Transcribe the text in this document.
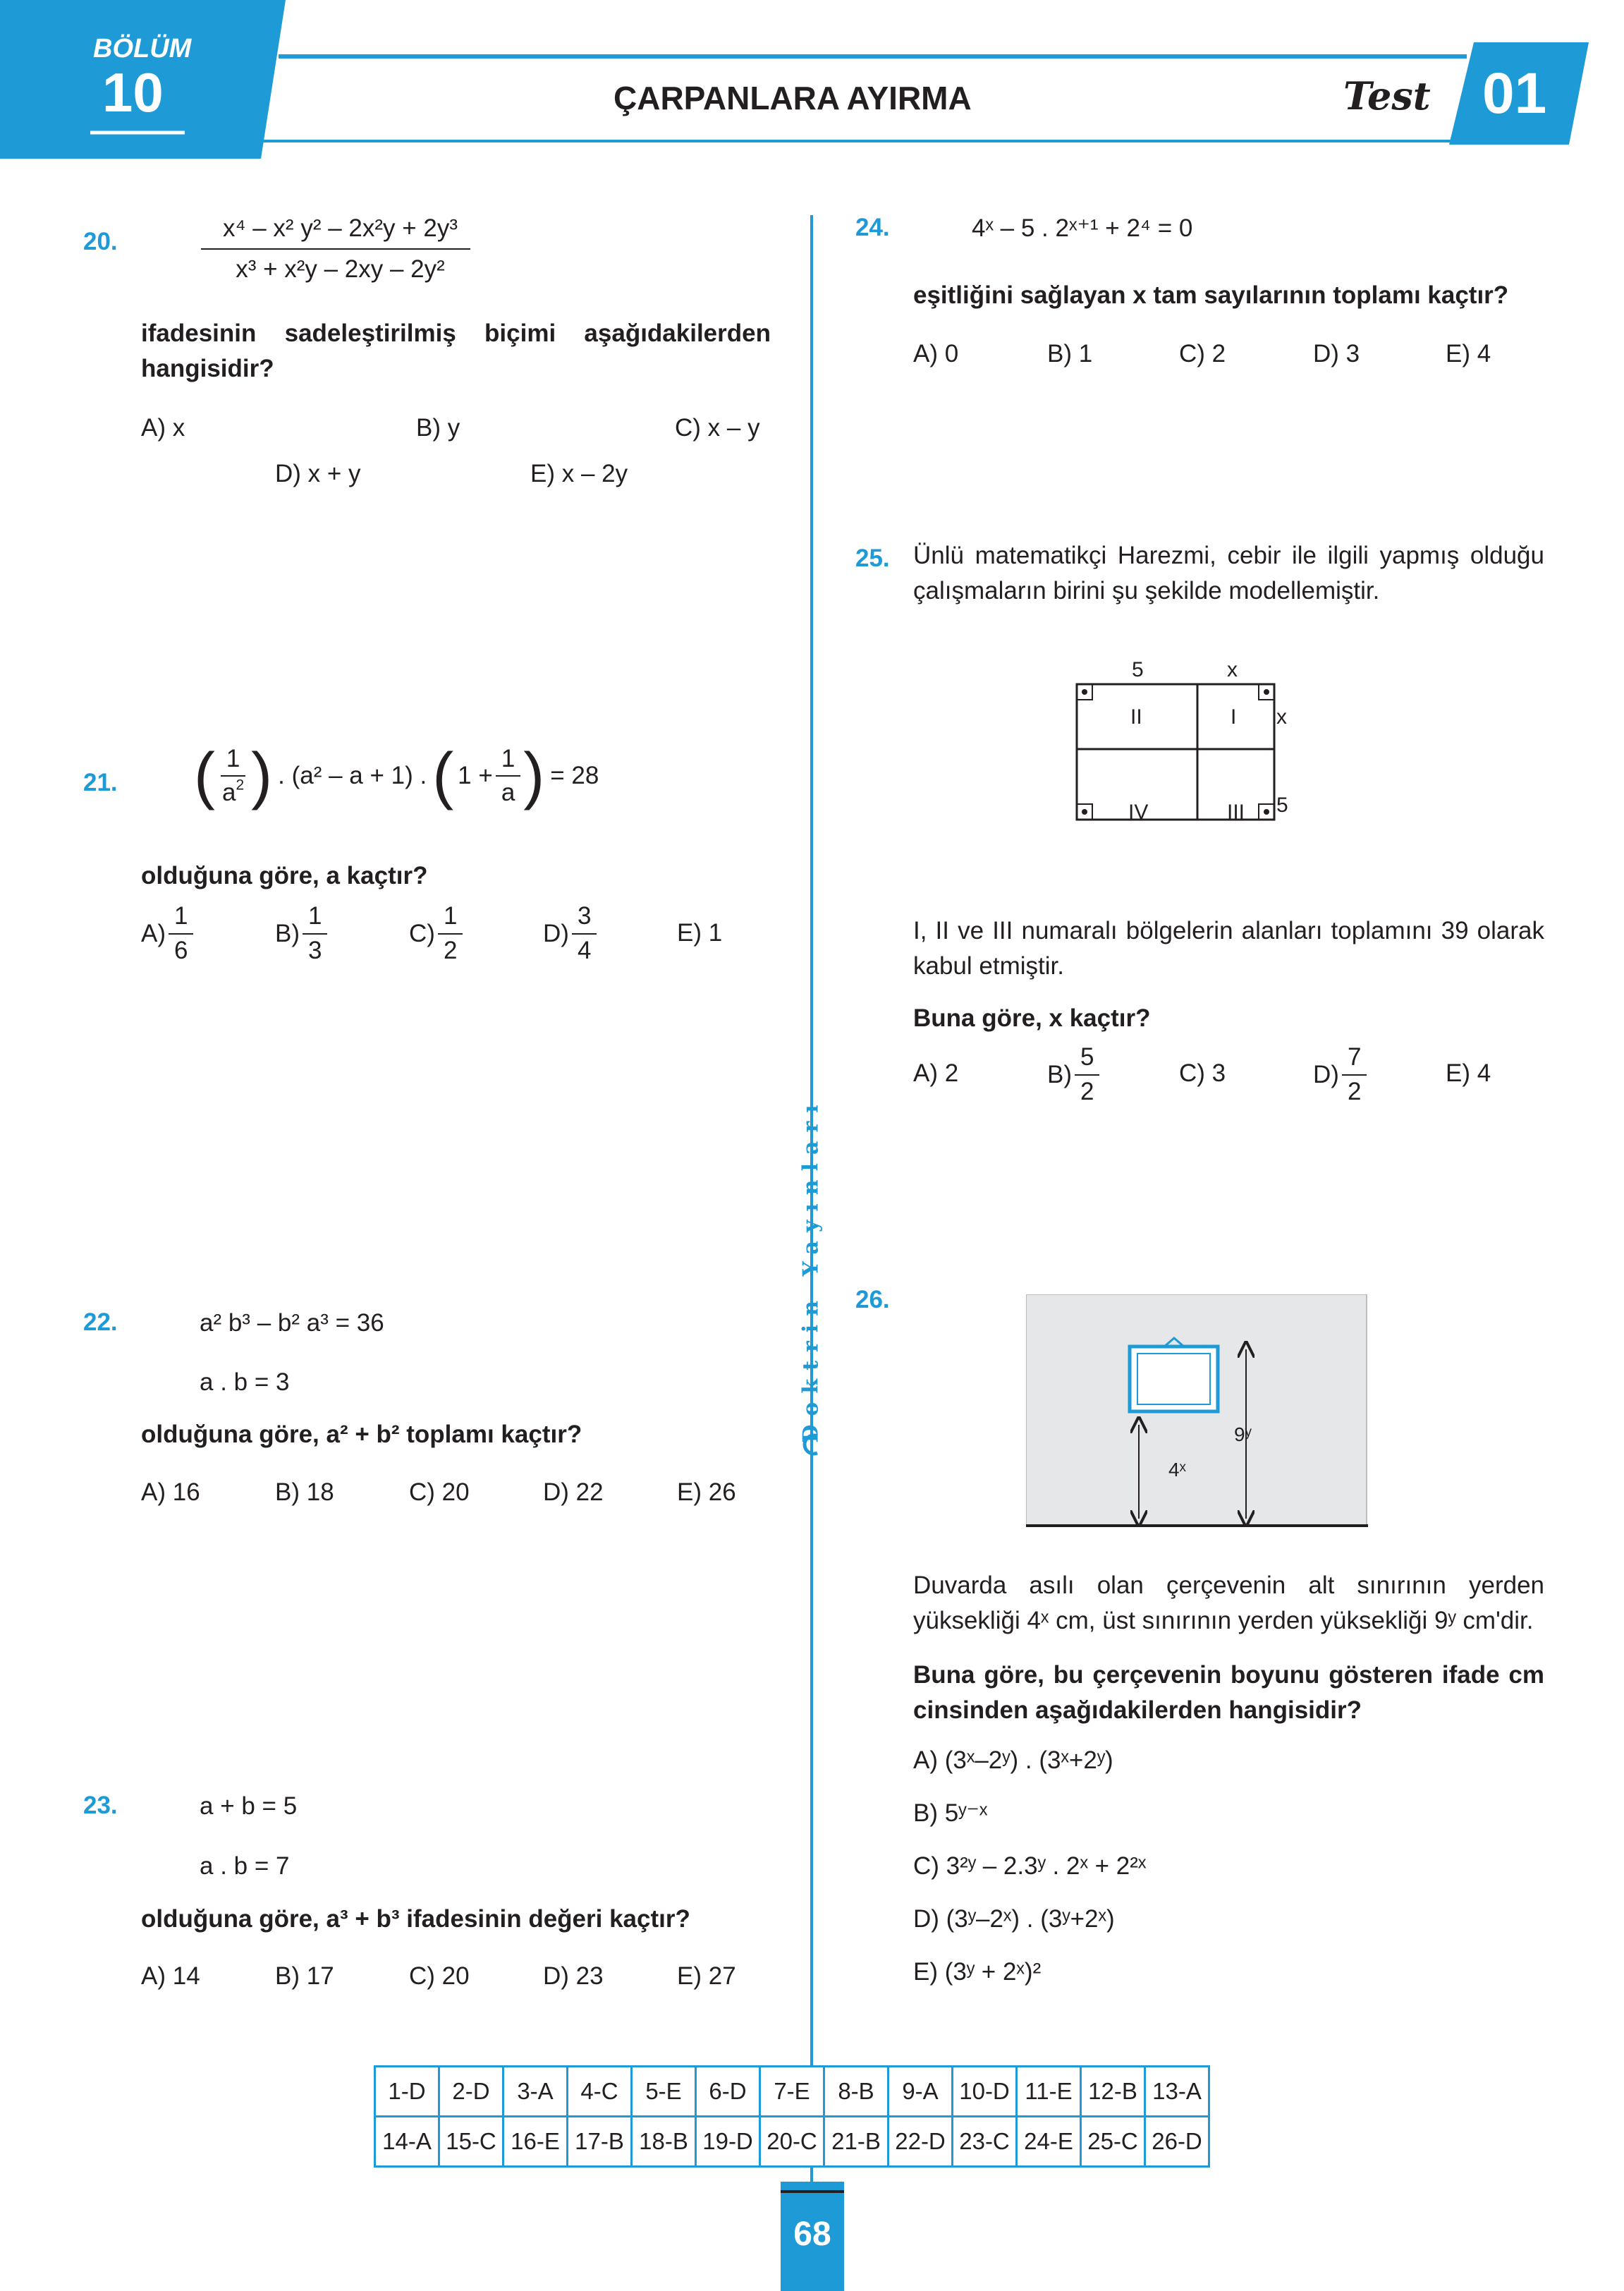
BÖLÜM
10	ÇARPANLARA AYIRMA	Test 01
Doktrin Yayınları
20.	x⁴ – x² y² – 2x²y + 2y³
x³ + x²y – 2xy – 2y²
ifadesinin sadeleştirilmiş biçimi aşağıdakilerden hangisidir?
A) x	B) y	C) x – y
D) x + y	E) x – 2y
21. ( $\frac{1}{a^2}$ ) . (a² – a + 1) . ( $1 + \frac{1}{a}$ ) = 28
olduğuna göre, a kaçtır?
$A) \frac{1}{6}$	$B) \frac{1}{3}$	$C) \frac{1}{2}$	$D) \frac{3}{4}$	E) 1
22.	a² b³ – b² a³ = 36
a . b = 3
olduğuna göre, a² + b² toplamı kaçtır?
A) 16	B) 18	C) 20	D) 22	E) 26
23.	a + b = 5
a . b = 7
olduğuna göre, a³ + b³ ifadesinin değeri kaçtır?
A) 14	B) 17	C) 20	D) 23	E) 27
24.	4ˣ – 5 . 2ˣ⁺¹ + 2⁴ = 0
eşitliğini sağlayan x tam sayılarının toplamı kaçtır?
A) 0	B) 1	C) 2	D) 3	E) 4
25. Ünlü matematikçi Harezmi, cebir ile ilgili yapmış olduğu çalışmaların birini şu şekilde modellemiştir.
5	x
x
5
II	I
IV	III
I, II ve III numaralı bölgelerin alanları toplamını 39 olarak kabul etmiştir.
Buna göre, x kaçtır?
A) 2	$B) \frac{5}{2}$	C) 3	$D) \frac{7}{2}$	E) 4
26.
9ʸ
4ˣ
Duvarda asılı olan çerçevenin alt sınırının yerden yüksekliği 4ˣ cm, üst sınırının yerden yüksekliği 9ʸ cm'dir.
Buna göre, bu çerçevenin boyunu gösteren ifade cm cinsinden aşağıdakilerden hangisidir?
A) (3ˣ–2ʸ) . (3ˣ+2ʸ)
B) 5ʸ⁻ˣ
C) 3²ʸ – 2.3ʸ . 2ˣ + 2²ˣ
D) (3ʸ–2ˣ) . (3ʸ+2ˣ)
E) (3ʸ + 2ˣ)²
1-D	2-D	3-A	4-C	5-E	6-D	7-E	8-B	9-A	10-D	11-E	12-B	13-A
14-A	15-C	16-E	17-B	18-B	19-D	20-C	21-B	22-D	23-C	24-E	25-C	26-D
68
